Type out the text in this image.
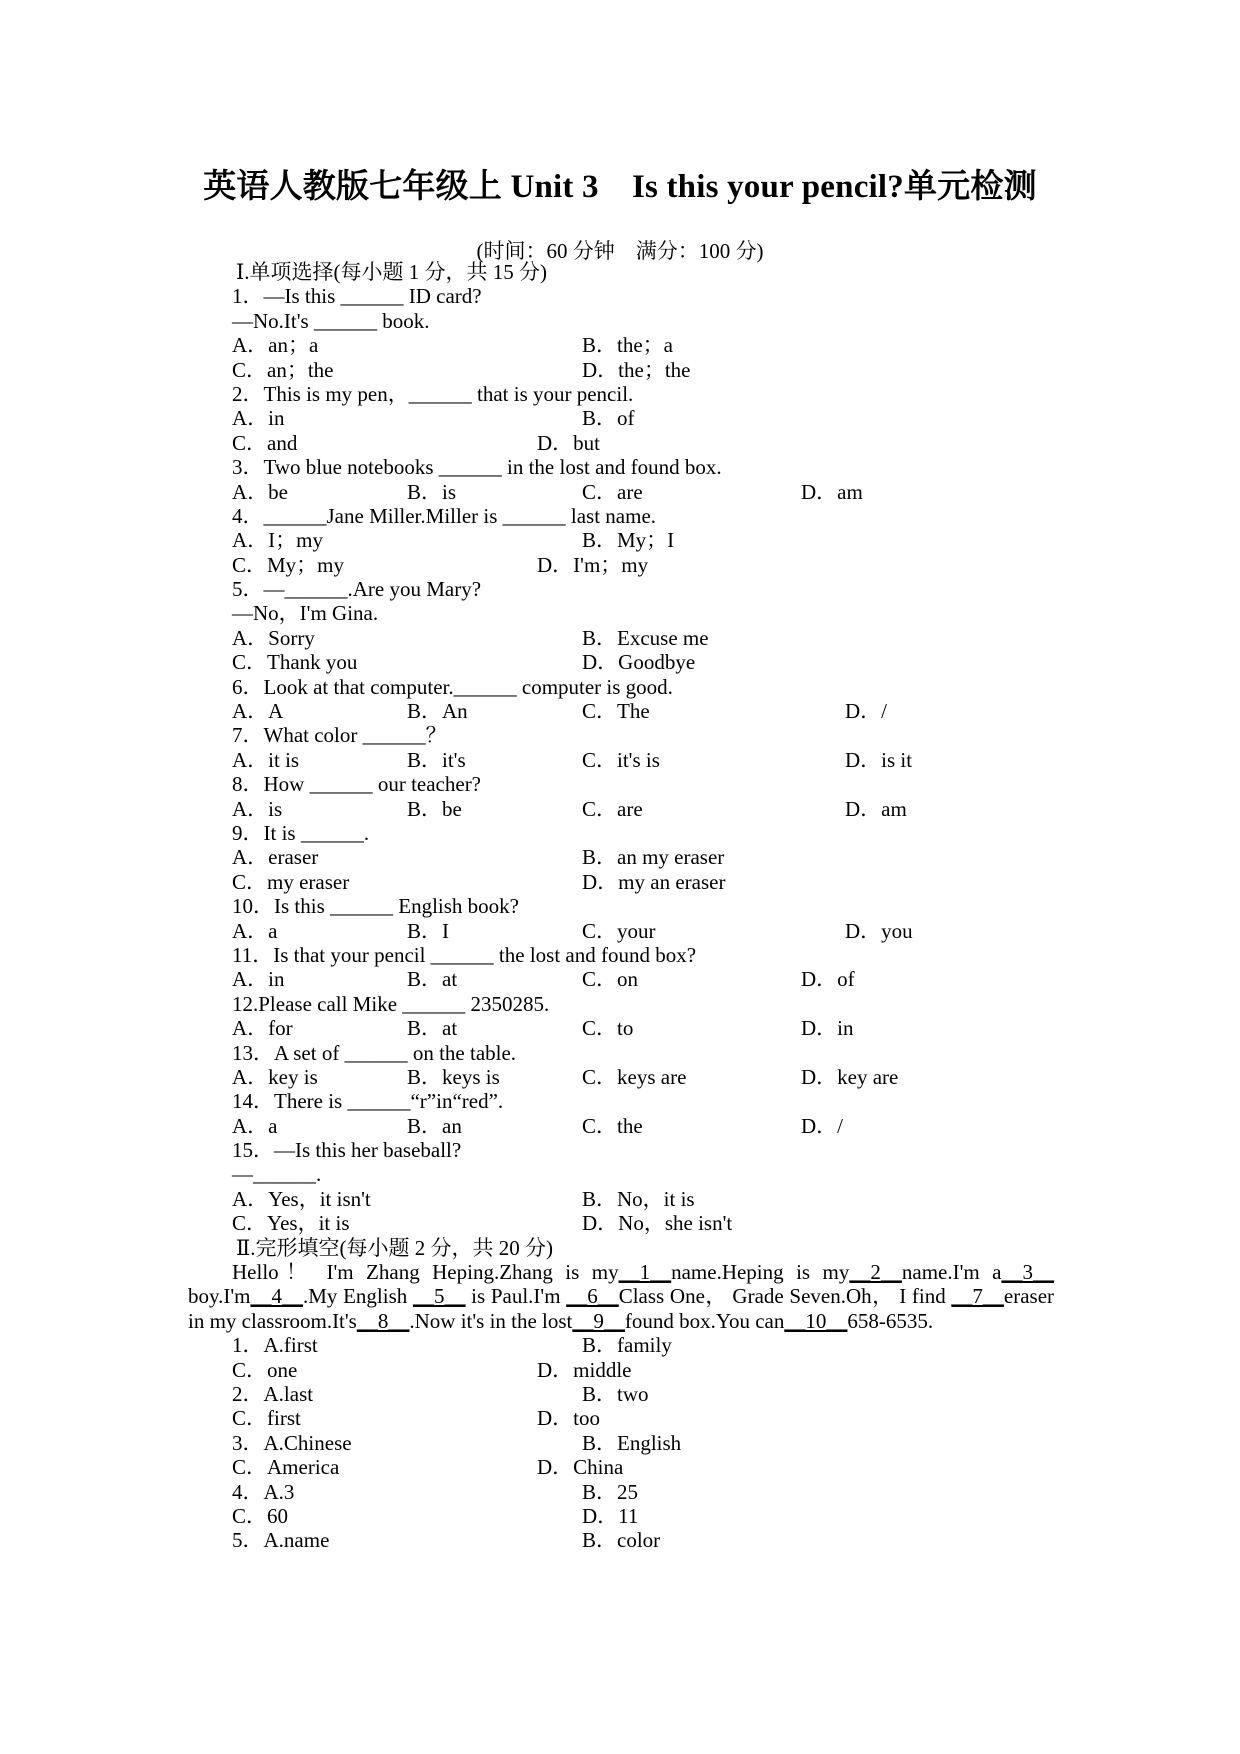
英语人教版七年级上 Unit 3　Is this your pencil?单元检测
(时间：60 分钟　满分：100 分)
Ⅰ.单项选择(每小题 1 分，共 15 分)
1．—Is this ______ ID card?
—No.It's ______ book.
A．an；a	B．the；a
C．an；the	D．the；the
2．This is my pen，______ that is your pencil.
A．in	B．of
C．and	D．but
3．Two blue notebooks ______ in the lost and found box.
A．be	B．is	C．are	D．am
4．______Jane Miller.Miller is ______ last name.
A．I；my	B．My；I
C．My；my	D．I'm；my
5．—______.Are you Mary?
—No，I'm Gina.
A．Sorry	B．Excuse me
C．Thank you	D．Goodbye
6．Look at that computer.______ computer is good.
A．A	B．An	C．The	D．/
7．What color ______？
A．it is	B．it's	C．it's is	D．is it
8．How ______ our teacher?
A．is	B．be	C．are	D．am
9．It is ______.
A．eraser	B．an my eraser
C．my eraser	D．my an eraser
10．Is this ______ English book?
A．a	B．I	C．your	D．you
11．Is that your pencil ______ the lost and found box?
A．in	B．at	C．on	D．of
12.Please call Mike ______ 2350285.
A．for	B．at	C．to	D．in
13．A set of ______ on the table.
A．key is	B．keys is	C．keys are	D．key are
14．There is ______“r”in“red”.
A．a	B．an	C．the	D．/
15．—Is this her baseball?
—______.
A．Yes，it isn't	B．No，it is
C．Yes，it is	D．No，she isn't
Ⅱ.完形填空(每小题 2 分，共 20 分)
Hello！ I'm Zhang Heping.Zhang is my__1__name.Heping is my__2__name.I'm a__3__ boy.I'm__4__.My English __5__ is Paul.I'm __6__Class One， Grade Seven.Oh， I find __7__eraser in my classroom.It's__8__.Now it's in the lost__9__found box.You can__10__658-6535.
1．A.first	B．family
C．one	D．middle
2．A.last	B．two
C．first	D．too
3．A.Chinese	B．English
C．America	D．China
4．A.3	B．25
C．60	D．11
5．A.name	B．color
